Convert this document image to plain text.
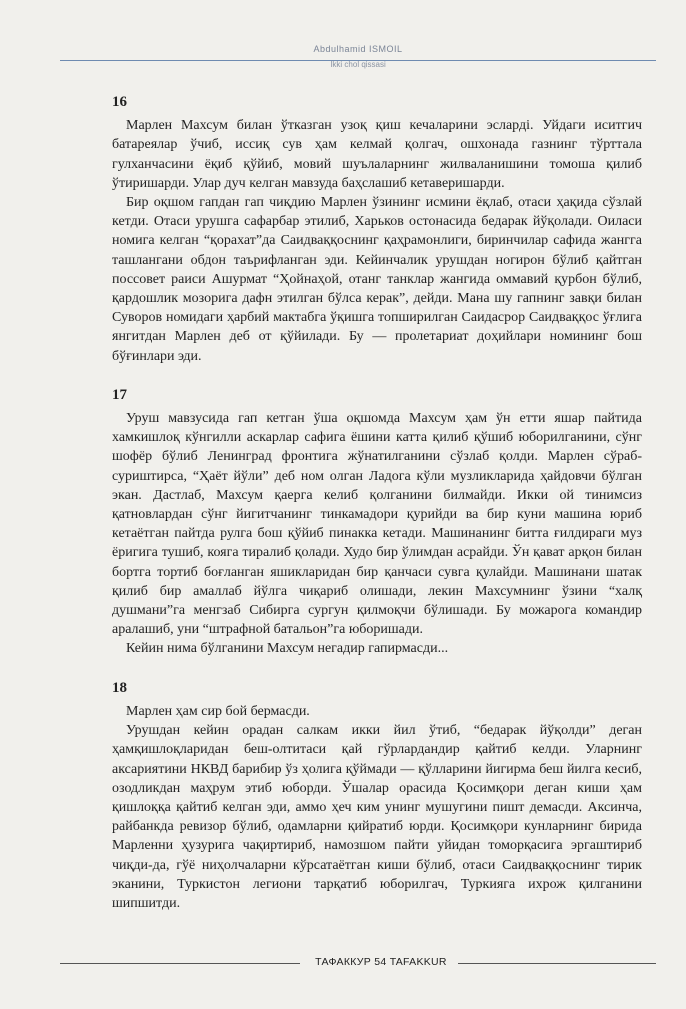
Abdulhamid ISMOIL
Ikki chol qissasi
16

Марлен Махсум билан ўтказган узоқ қиш кечаларини эслардi. Уйдаги иситгич батареялар ўчиб, иссиқ сув ҳам келмай қолгач, ошхонада газнинг тўрттала гулханчасини ёқиб қўйиб, мовий шуълаларнинг жилваланишини томоша қилиб ўтиришарди. Улар дуч келган мавзуда баҳслашиб кетаверишарди.

Бир оқшом гапдан гап чиқдию Марлен ўзининг исмини ёқлаб, отаси ҳақида сўзлай кетди. Отаси урушга сафарбар этилиб, Харьков остонасида бедарак йўқолади. Оиласи номига келган “қорахат”да Саидваққоснинг қаҳрамонлиги, биринчилар сафида жангга ташлангани обдон таърифланган эди. Кейинчалик урушдан ногирон бўлиб қайтган поссовет раиси Ашурмат “Ҳойнаҳой, отанг танклар жангида оммавий қурбон бўлиб, қардошлик мозорига дафн этилган бўлса керак”, дейди. Мана шу гапнинг завқи билан Суворов номидаги ҳарбий мактабга ўқишга топширилган Саидасрор Саидваққос ўғлига янгитдан Марлен деб от қўйилади. Бу — пролетариат доҳийлари номининг бош бўғинлари эди.

17

Уруш мавзусида гап кетган ўша оқшомда Махсум ҳам ўн етти яшар пайтида хамкишлоқ кўнгилли аскарлар сафига ёшини катта қилиб қўшиб юборилганини, сўнг шофёр бўлиб Ленинград фронтига жўнатилганини сўзлаб қолди. Марлен сўраб-суриштирса, “Ҳаёт йўли” деб ном олган Ладога кўли музликларида ҳайдовчи бўлган экан. Дастлаб, Махсум қаерга келиб қолганини билмайди. Икки ой тинимсиз қатновлардан сўнг йигитчанинг тинкамадори қурийди ва бир куни машина юриб кетаётган пайтда рулга бош қўйиб пинакка кетади. Машинанинг битта ғилдираги муз ёригига тушиб, кояга тиралиб қолади. Худо бир ўлимдан асрайди. Ўн қават арқон билан бортга тортиб боғланган яшикларидан бир қанчаси сувга қулайди. Машинани шатак қилиб бир амаллаб йўлга чиқариб олишади, лекин Махсумнинг ўзини “халқ душмани”га менгзаб Сибирга сургун қилмоқчи бўлишади. Бу можарога командир аралашиб, уни “штрафной батальон”га юборишади.

Кейин нима бўлганини Махсум негадир гапирмасди...

18

Марлен ҳам сир бой бермасди.

Урушдан кейин орадан салкам икки йил ўтиб, “бедарак йўқолди” деган ҳамқишлоқларидан беш-олтитаси қай гўрлардандир қайтиб келди. Уларнинг аксариятини НКВД барибир ўз ҳолига қўймади — қўлларини йигирма беш йилга кесиб, озодликдан маҳрум этиб юборди. Ўшалар орасида Қосимқори деган киши ҳам қишлоққа қайтиб келган эди, аммо ҳеч ким унинг мушугини пишт демасди. Аксинча, райбанкда ревизор бўлиб, одамларни қийратиб юрди. Қосимқори кунларнинг бирида Марленни ҳузурига чақиртириб, намозшом пайти уйидан томорқасига эргаштириб чиқди-да, гўё ниҳолчаларни кўрсатаётган киши бўлиб, отаси Саидваққоснинг тирик эканини, Туркистон легиони тарқатиб юборилгач, Туркияга ихрож қилганини шипшитди.

ТАФАККУР 54 TAFAKKUR
